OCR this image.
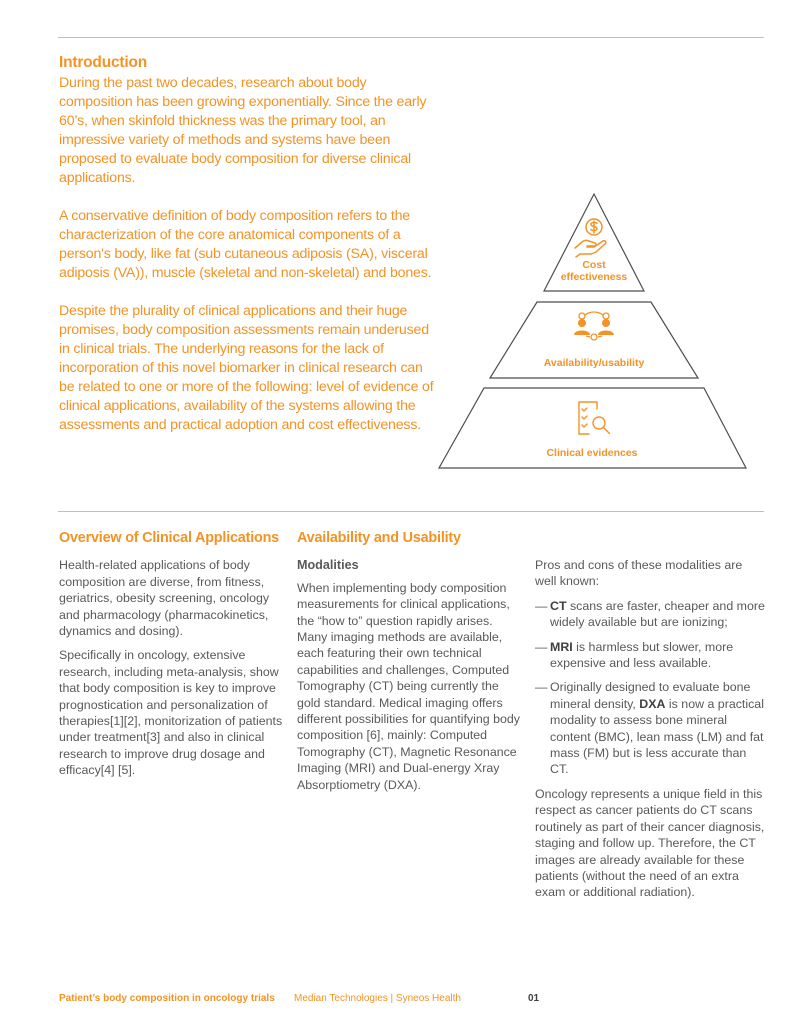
Introduction

During the past two decades, research about body composition has been growing exponentially. Since the early 60’s, when skinfold thickness was the primary tool, an impressive variety of methods and systems have been proposed to evaluate body composition for diverse clinical applications.

A conservative definition of body composition refers to the characterization of the core anatomical components of a person's body, like fat (sub cutaneous adiposis (SA), visceral adiposis (VA)), muscle (skeletal and non-skeletal) and bones.

Despite the plurality of clinical applications and their huge promises, body composition assessments remain underused in clinical trials. The underlying reasons for the lack of incorporation of this novel biomarker in clinical research can be related to one or more of the following: level of evidence of clinical applications, availability of the systems allowing the assessments and practical adoption and cost effectiveness.

Cost
effectiveness
Availability/usability
Clinical evidences
Overview of Clinical Applications

Health-related applications of body composition are diverse, from fitness, geriatrics, obesity screening, oncology and pharmacology (pharmacokinetics, dynamics and dosing).

Specifically in oncology, extensive research, including meta-analysis, show that body composition is key to improve prognostication and personalization of therapies[1][2], monitorization of patients under treatment[3] and also in clinical research to improve drug dosage and efficacy[4] [5].

Availability and Usability
Modalities

When implementing body composition measurements for clinical applications, the “how to” question rapidly arises. Many imaging methods are available, each featuring their own technical capabilities and challenges, Computed Tomography (CT) being currently the gold standard. Medical imaging offers different possibilities for quantifying body composition [6], mainly: Computed Tomography (CT), Magnetic Resonance Imaging (MRI) and Dual-energy Xray Absorptiometry (DXA).

Pros and cons of these modalities are well known:

— CT scans are faster, cheaper and more widely available but are ionizing;
— MRI is harmless but slower, more expensive and less available.
— Originally designed to evaluate bone mineral density, DXA is now a practical modality to assess bone mineral content (BMC), lean mass (LM) and fat mass (FM) but is less accurate than CT.

Oncology represents a unique field in this respect as cancer patients do CT scans routinely as part of their cancer diagnosis, staging and follow up. Therefore, the CT images are already available for these patients (without the need of an extra exam or additional radiation).

Patient’s body composition in oncology trials Median Technologies | Syneos Health	01
